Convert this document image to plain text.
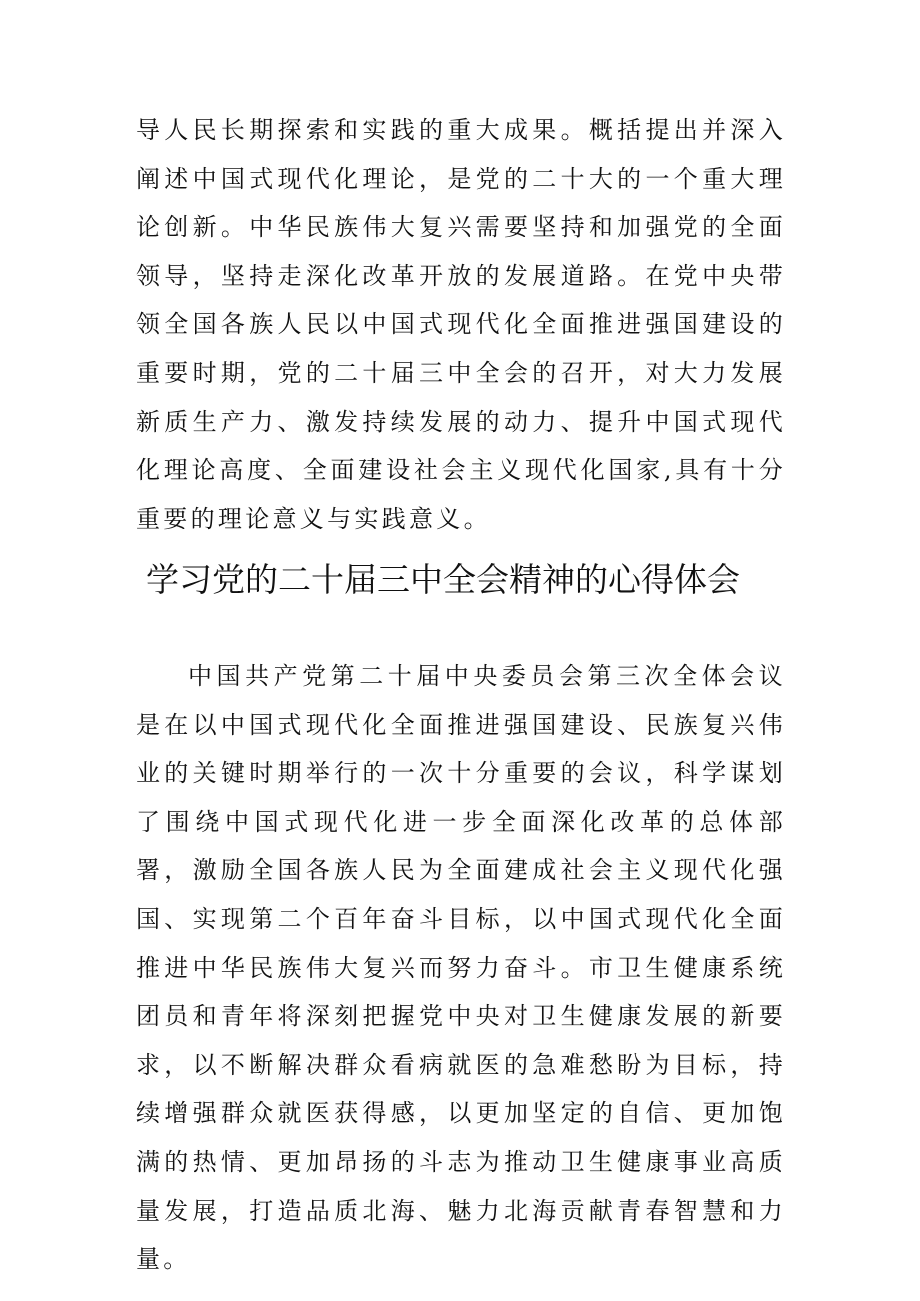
导人民长期探索和实践的重大成果。概括提出并深入阐述中国式现代化理论，是党的二十大的一个重大理论创新。中华民族伟大复兴需要坚持和加强党的全面领导，坚持走深化改革开放的发展道路。在党中央带领全国各族人民以中国式现代化全面推进强国建设的重要时期，党的二十届三中全会的召开，对大力发展新质生产力、激发持续发展的动力、提升中国式现代化理论高度、全面建设社会主义现代化国家,具有十分重要的理论意义与实践意义。

学习党的二十届三中全会精神的心得体会

中国共产党第二十届中央委员会第三次全体会议是在以中国式现代化全面推进强国建设、民族复兴伟业的关键时期举行的一次十分重要的会议，科学谋划了围绕中国式现代化进一步全面深化改革的总体部署，激励全国各族人民为全面建成社会主义现代化强国、实现第二个百年奋斗目标，以中国式现代化全面推进中华民族伟大复兴而努力奋斗。市卫生健康系统团员和青年将深刻把握党中央对卫生健康发展的新要求，以不断解决群众看病就医的急难愁盼为目标，持续增强群众就医获得感，以更加坚定的自信、更加饱满的热情、更加昂扬的斗志为推动卫生健康事业高质量发展，打造品质北海、魅力北海贡献青春智慧和力量。
